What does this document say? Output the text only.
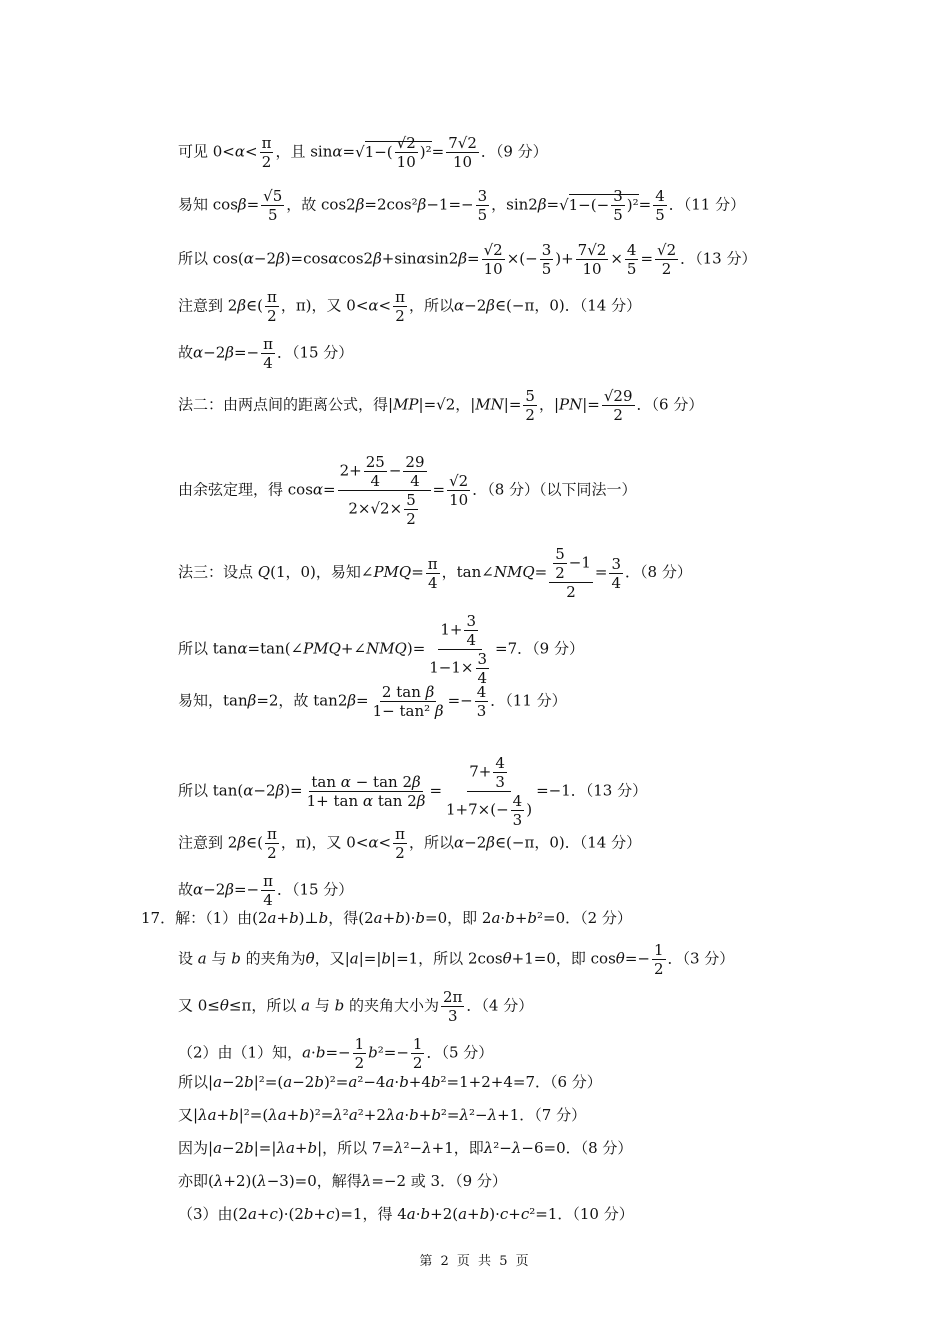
可见 $0<\alpha< \frac{\pi}{2}$ ，且 sinα= √ $1-( \frac{√2}{10} )^2= \frac{7√2}{10}$ ．（9 分）
易知 $\cos\beta= \frac{√5}{5}$ ，故 $\cos 2\beta=2\cos^2\beta-1=- \frac{3}{5}$ ，sin2β= √ $1-(- \frac{3}{5} )^2= \frac{4}{5}$ ．（11 分）
所以 $\cos(\alpha-2\beta)=\cos\alpha\cos 2\beta+\sin\alpha\sin 2\beta= \frac{√2}{10}$ ×(− $\frac{3}{5}$ )+ $\frac{7√2}{10} \times \frac{4}{5} = \frac{√2}{2}$ ．（13 分）
注意到 2β∈( $\frac{\pi}{2}$ ，π)，又 $0<\alpha< \frac{\pi}{2}$ ，所以α−2β∈(−π，0)．（14 分）
故$\alpha-2\beta=- \frac{\pi}{4}$ ．（15 分）
法二：由两点间的距离公式，得|MP|=√2，$|MN|= \frac{5}{2}$ ，$|PN|= \frac{√29}{2}$ ．（6 分）
由余弦定理，得 $\cos\alpha= \frac{2+ \frac{25}{4} - \frac{29}{4}}{2\times√2\times \frac{5}{2}} = \frac{√2}{10}$ ．（8 分）（以下同法一）
法三：设点 Q(1，0)，易知∠PMQ= $\frac{\pi}{4}$ ，tan∠NMQ= $\frac{\frac{5}{2} -1}{2} = \frac{3}{4}$ ．（8 分）
所以 tanα=tan(∠PMQ+∠NMQ)= $\frac{1+ \frac{3}{4}}{1-1\times \frac{3}{4}} =7$．（9 分）
易知，tanβ=2，故 $\tan 2\beta= \frac{\text{2 tan β}}{\text{1− tan² β}} =- \frac{4}{3}$ ．（11 分）
所以 $\tan(\alpha-2\beta)= \frac{\text{tan α − tan 2β}}{\text{1+ tan α tan 2β}} = \frac{7+ \frac{4}{3}}{1+7\times(- \frac{4}{3} )} =-1$．（13 分）
注意到 2β∈( $\frac{\pi}{2}$ ，π)，又 $0<\alpha< \frac{\pi}{2}$ ，所以α−2β∈(−π，0)．（14 分）
故$\alpha-2\beta=- \frac{\pi}{4}$ ．（15 分）
17．解：（1）由(2a+b)⊥b，得(2a+b)·b=0，即 2a·b+b²=0．（2 分）
设 a 与 b 的夹角为θ，又|a|=|b|=1，所以 2cosθ+1=0，即 $\cos\theta=- \frac{1}{2}$ ．（3 分）
又 0≤θ≤π，所以 a 与 b 的夹角大小为 $\frac{2\pi}{3}$ ．（4 分）
（2）由（1）知，$a\cdot b=- \frac{1}{2} b^2=- \frac{1}{2}$ ．（5 分）
所以|a−2b|²=(a−2b)²=a²−4a·b+4b²=1+2+4=7．（6 分）
又|λa+b|²=(λa+b)²=λ²a²+2λa·b+b²=λ²−λ+1．（7 分）
因为|a−2b|=|λa+b|，所以 7=λ²−λ+1，即λ²−λ−6=0．（8 分）
亦即(λ+2)(λ−3)=0，解得λ=−2 或 3．（9 分）
（3）由(2a+c)·(2b+c)=1，得 4a·b+2(a+b)·c+c²=1．（10 分）
第 2 页 共 5 页
